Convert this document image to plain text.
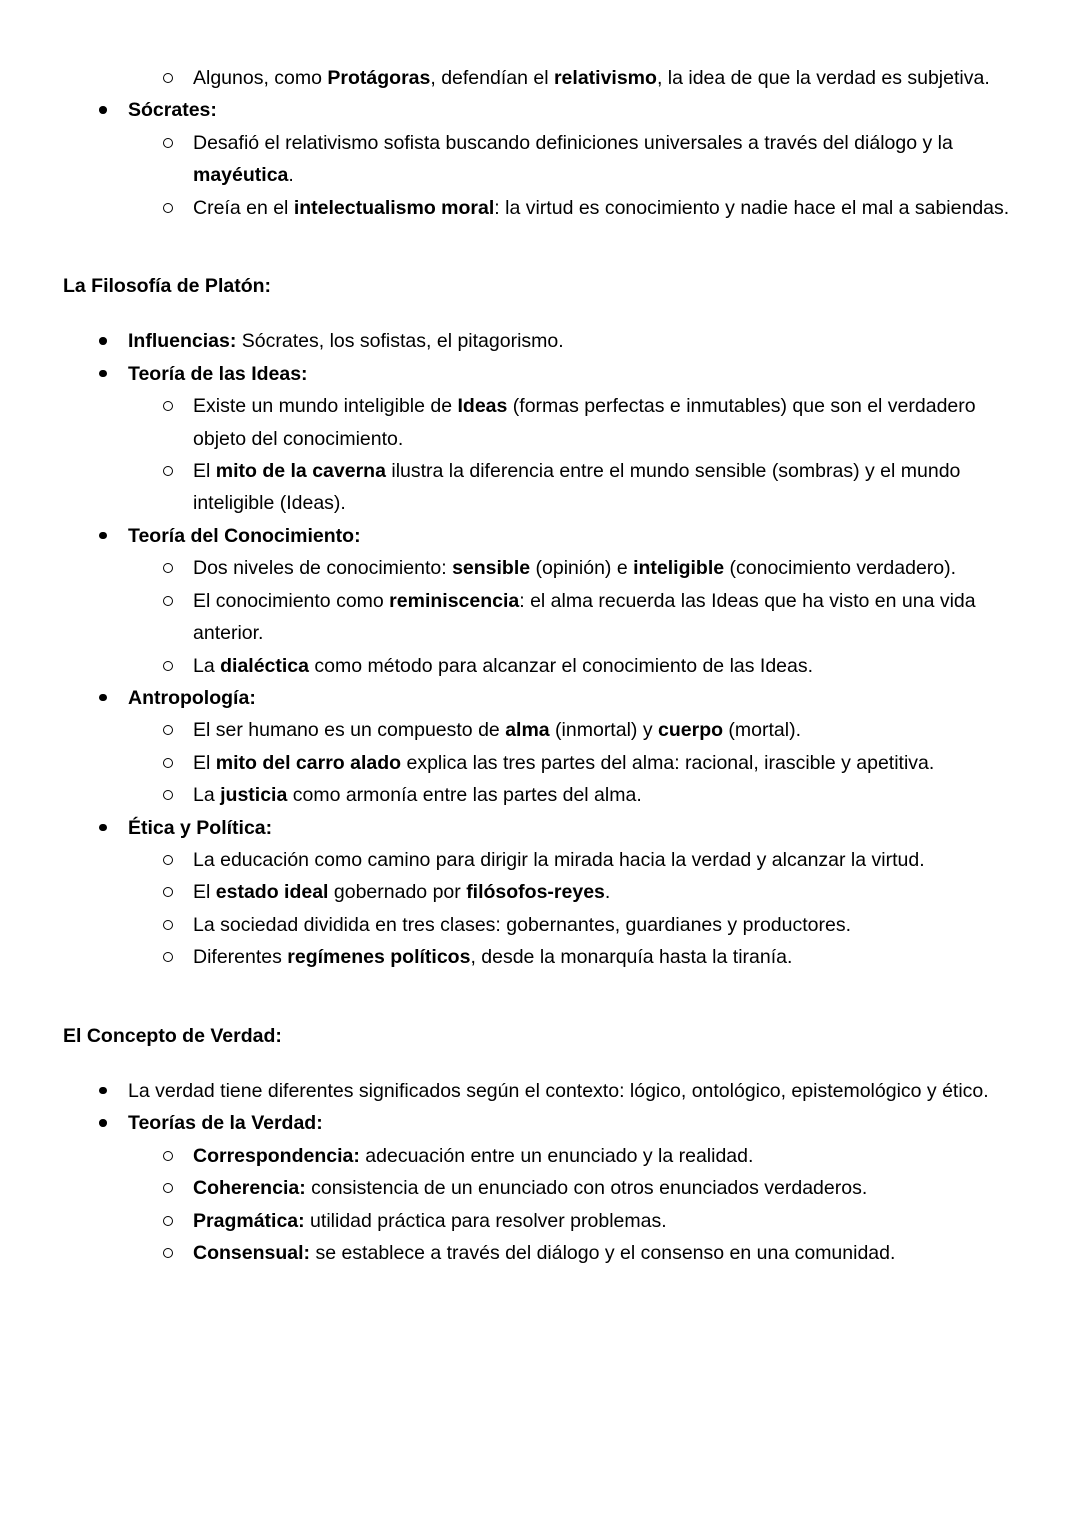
Algunos, como Protágoras, defendían el relativismo, la idea de que la verdad es subjetiva.
Sócrates:
Desafió el relativismo sofista buscando definiciones universales a través del diálogo y la mayéutica.
Creía en el intelectualismo moral: la virtud es conocimiento y nadie hace el mal a sabiendas.
La Filosofía de Platón:
Influencias: Sócrates, los sofistas, el pitagorismo.
Teoría de las Ideas:
Existe un mundo inteligible de Ideas (formas perfectas e inmutables) que son el verdadero objeto del conocimiento.
El mito de la caverna ilustra la diferencia entre el mundo sensible (sombras) y el mundo inteligible (Ideas).
Teoría del Conocimiento:
Dos niveles de conocimiento: sensible (opinión) e inteligible (conocimiento verdadero).
El conocimiento como reminiscencia: el alma recuerda las Ideas que ha visto en una vida anterior.
La dialéctica como método para alcanzar el conocimiento de las Ideas.
Antropología:
El ser humano es un compuesto de alma (inmortal) y cuerpo (mortal).
El mito del carro alado explica las tres partes del alma: racional, irascible y apetitiva.
La justicia como armonía entre las partes del alma.
Ética y Política:
La educación como camino para dirigir la mirada hacia la verdad y alcanzar la virtud.
El estado ideal gobernado por filósofos-reyes.
La sociedad dividida en tres clases: gobernantes, guardianes y productores.
Diferentes regímenes políticos, desde la monarquía hasta la tiranía.
El Concepto de Verdad:
La verdad tiene diferentes significados según el contexto: lógico, ontológico, epistemológico y ético.
Teorías de la Verdad:
Correspondencia: adecuación entre un enunciado y la realidad.
Coherencia: consistencia de un enunciado con otros enunciados verdaderos.
Pragmática: utilidad práctica para resolver problemas.
Consensual: se establece a través del diálogo y el consenso en una comunidad.
